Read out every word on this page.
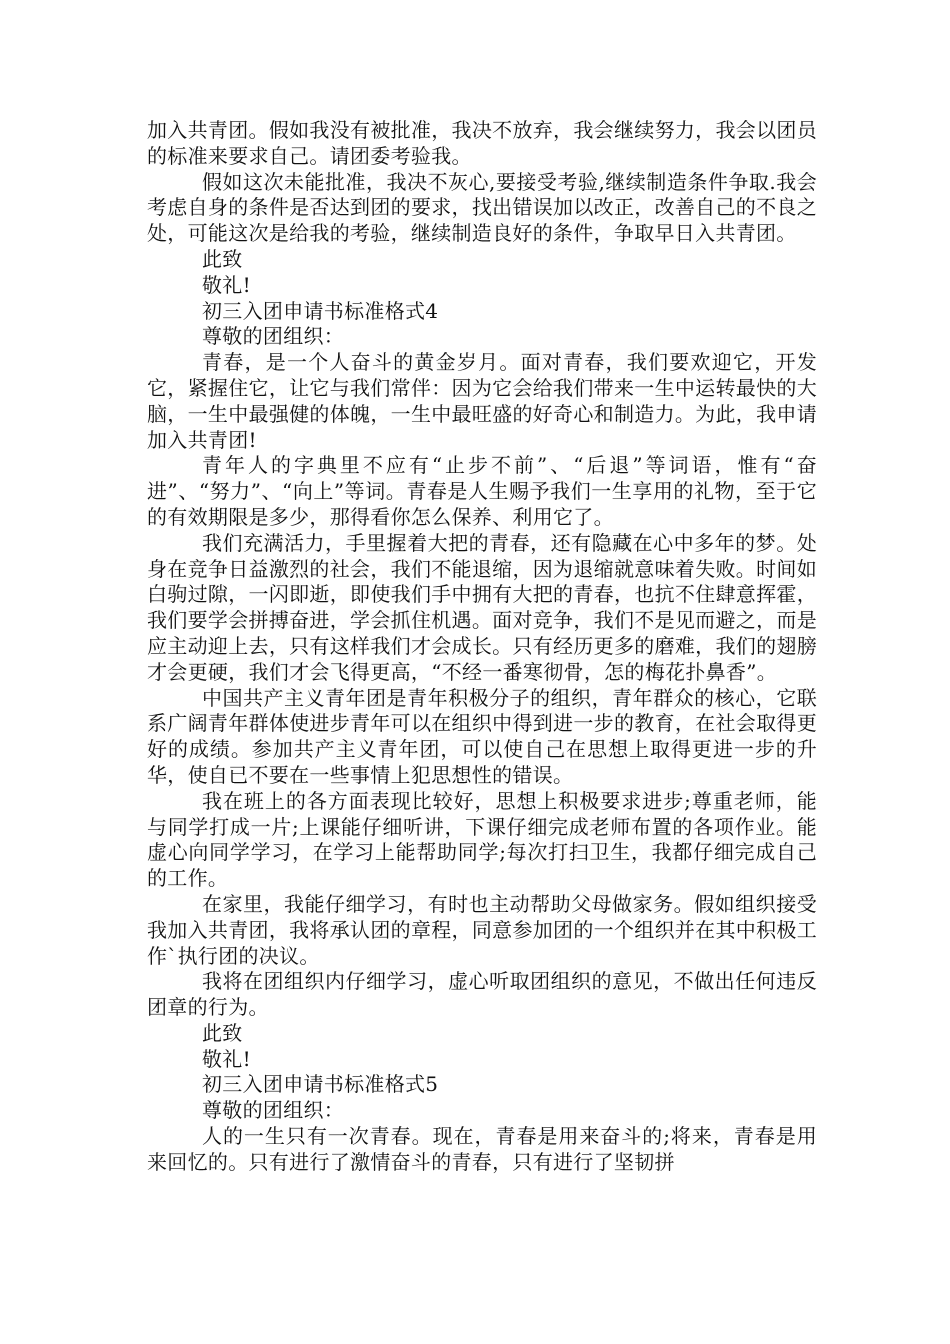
加入共青团。假如我没有被批准，我决不放弃，我会继续努力，我会以团员的标准来要求自己。请团委考验我。

假如这次未能批准，我决不灰心,要接受考验,继续制造条件争取.我会考虑自身的条件是否达到团的要求，找出错误加以改正，改善自己的不良之处，可能这次是给我的考验，继续制造良好的条件，争取早日入共青团。

此致

敬礼!

初三入团申请书标准格式4

尊敬的团组织：

青春，是一个人奋斗的黄金岁月。面对青春，我们要欢迎它，开发它，紧握住它，让它与我们常伴：因为它会给我们带来一生中运转最快的大脑，一生中最强健的体魄，一生中最旺盛的好奇心和制造力。为此，我申请加入共青团!

青年人的字典里不应有“止步不前”、“后退”等词语，惟有“奋进”、“努力”、“向上”等词。青春是人生赐予我们一生享用的礼物，至于它的有效期限是多少，那得看你怎么保养、利用它了。

我们充满活力，手里握着大把的青春，还有隐藏在心中多年的梦。处身在竞争日益激烈的社会，我们不能退缩，因为退缩就意味着失败。时间如白驹过隙，一闪即逝，即使我们手中拥有大把的青春，也抗不住肆意挥霍，我们要学会拼搏奋进，学会抓住机遇。面对竞争，我们不是见而避之，而是应主动迎上去，只有这样我们才会成长。只有经历更多的磨难，我们的翅膀才会更硬，我们才会飞得更高，“不经一番寒彻骨，怎的梅花扑鼻香”。

中国共产主义青年团是青年积极分子的组织，青年群众的核心，它联系广阔青年群体使进步青年可以在组织中得到进一步的教育，在社会取得更好的成绩。参加共产主义青年团，可以使自己在思想上取得更进一步的升华，使自已不要在一些事情上犯思想性的错误。

我在班上的各方面表现比较好，思想上积极要求进步;尊重老师，能与同学打成一片;上课能仔细听讲，下课仔细完成老师布置的各项作业。能虚心向同学学习，在学习上能帮助同学;每次打扫卫生，我都仔细完成自己的工作。

在家里，我能仔细学习，有时也主动帮助父母做家务。假如组织接受我加入共青团，我将承认团的章程，同意参加团的一个组织并在其中积极工作`执行团的决议。

我将在团组织内仔细学习，虚心听取团组织的意见，不做出任何违反团章的行为。

此致

敬礼!

初三入团申请书标准格式5

尊敬的团组织：

人的一生只有一次青春。现在，青春是用来奋斗的;将来，青春是用来回忆的。只有进行了激情奋斗的青春，只有进行了坚韧拼
